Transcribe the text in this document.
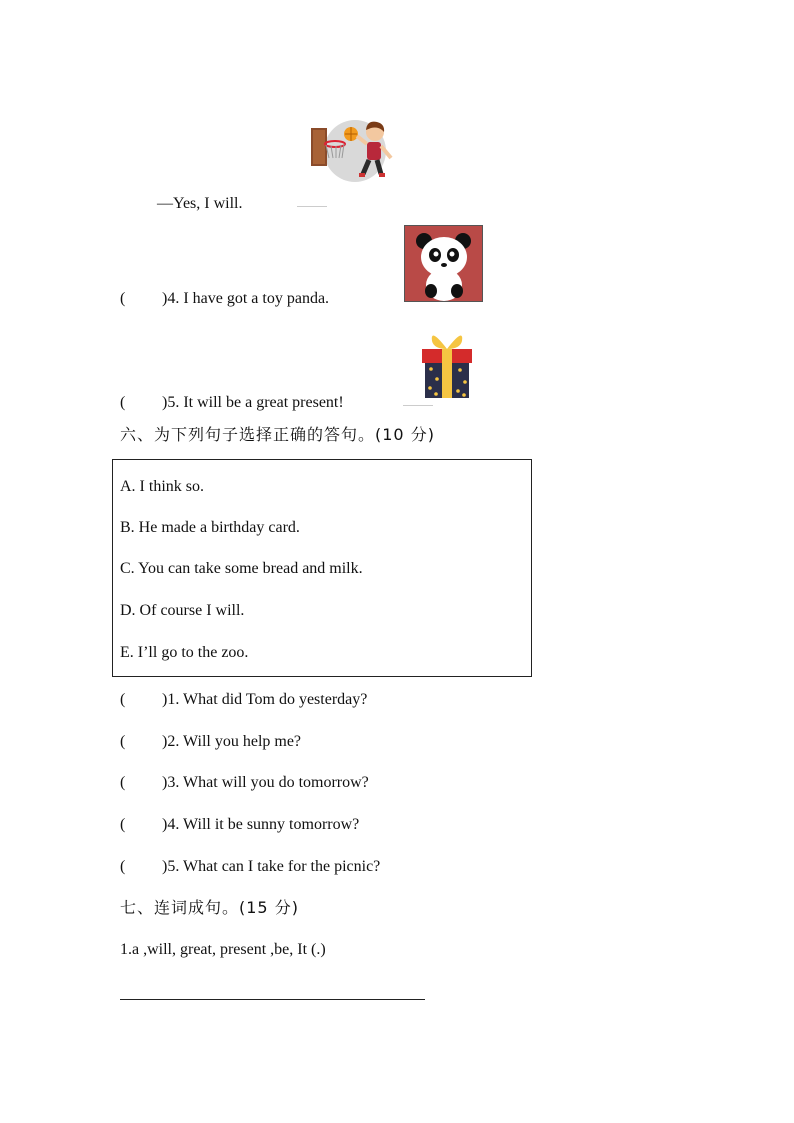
—Yes, I will.
( )4. I have got a toy panda.
( )5. It will be a great present!
六、为下列句子选择正确的答句。(10 分)
A. I think so.
B. He made a birthday card.
C. You can take some bread and milk.
D. Of course I will.
E. I’ll go to the zoo.
( )1. What did Tom do yesterday?
( )2. Will you help me?
( )3. What will you do tomorrow?
( )4. Will it be sunny tomorrow?
( )5. What can I take for the picnic?
七、连词成句。(15 分)
1.a ,will, great, present ,be, It (.)
